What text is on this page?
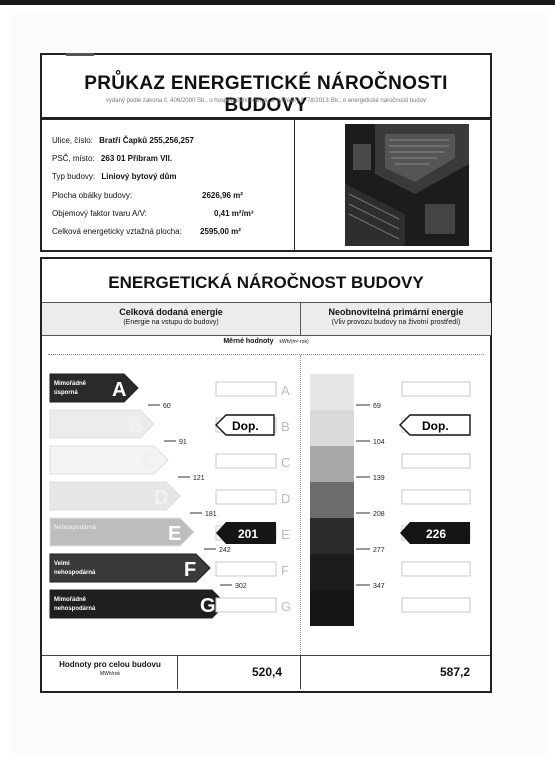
PRŮKAZ ENERGETICKÉ NÁROČNOSTI BUDOVY
vydaný podle zákona č. 406/2000 Sb., o hospodaření energií, a vyhlášky č. 78/2013 Sb., o energetické náročnosti budov
Ulice, číslo: Bratří Čapků 255,256,257
PSČ, místo: 263 01 Příbram VII.
Typ budovy: Liniový bytový dům
Plocha obálky budovy:	2626,96 m²
Objemový faktor tvaru A/V:	0,41 m²/m³
Celková energeticky vztažná plocha: 2595,00 m²
ENERGETICKÁ NÁROČNOST BUDOVY
Celková dodaná energie
(Energie na vstupu do budovy)
Neobnovitelná primární energie
(Vliv provozu budovy na životní prostředí)
Měrné hodnoty kWh/(m²·rok)
A
Mimořádně
úsporná	A
B	B
C	C
D	D
E
Nehospodárná	E
F
Velmi
nehospodárná	F
G
Mimořádně
nehospodárná	G
60
91
121
181
242
302
69
104
139
208
277
347
Dop.	Dop.
201	226
Hodnoty pro celou budovu
MWh/rok	520,4	587,2
